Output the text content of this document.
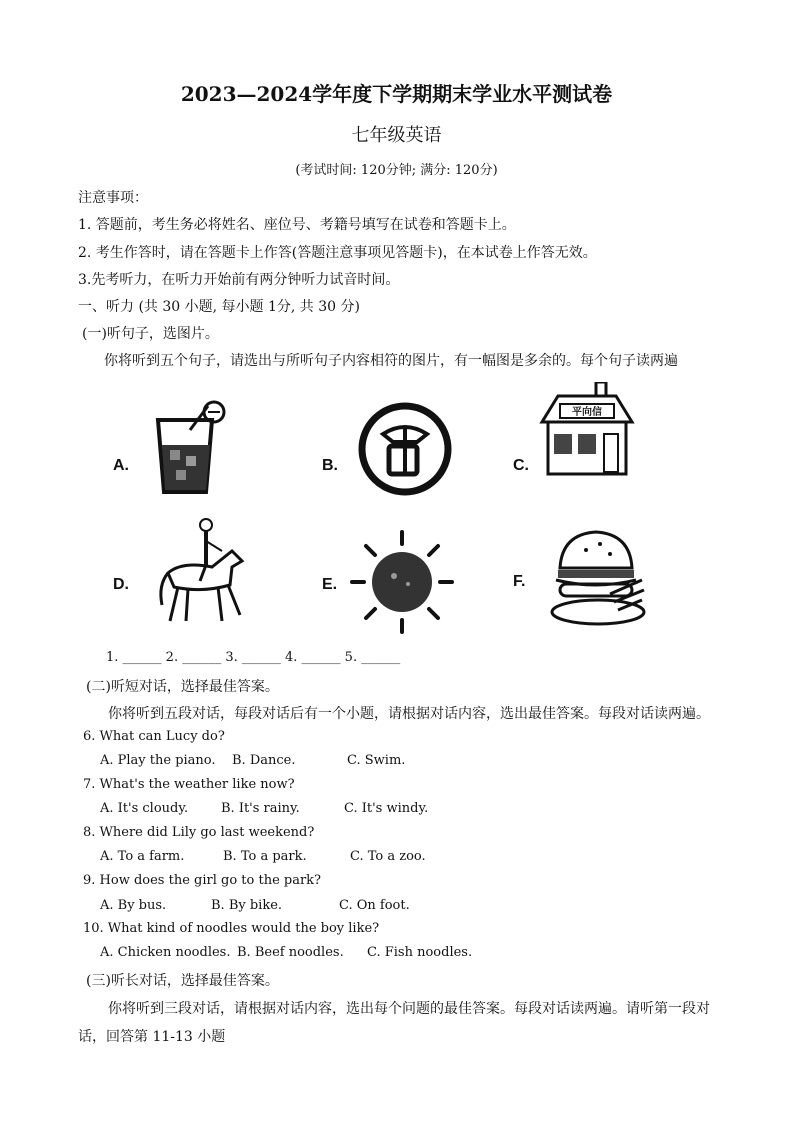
2023—2024学年度下学期期末学业水平测试卷
七年级英语
(考试时间: 120分钟; 满分: 120分)
注意事项：
1. 答题前，考生务必将姓名、座位号、考籍号填写在试卷和答题卡上。
2. 考生作答时，请在答题卡上作答(答题注意事项见答题卡)，在本试卷上作答无效。
3.先考听力，在听力开始前有两分钟听力试音时间。
一、听力 (共 30 小题, 每小题 1分, 共 30 分)
(一)听句子，选图片。
你将听到五个句子，请选出与所听句子内容相符的图片，有一幅图是多余的。每个句子读两遍
A.	B.	C.
平向信
D.	E.	F.
1. ______ 2. ______ 3. ______ 4. ______ 5. ______
(二)听短对话，选择最佳答案。
你将听到五段对话，每段对话后有一个小题，请根据对话内容，选出最佳答案。每段对话读两遍。
6. What can Lucy do?
A. Play the piano. B. Dance.	C. Swim.
7. What's the weather like now?
A. It's cloudy.	B. It's rainy.	C. It's windy.
8. Where did Lily go last weekend?
A. To a farm.	B. To a park.	C. To a zoo.
9. How does the girl go to the park?
A. By bus.	B. By bike.	C. On foot.
10. What kind of noodles would the boy like?
A. Chicken noodles. B. Beef noodles. C. Fish noodles.
(三)听长对话，选择最佳答案。
你将听到三段对话，请根据对话内容，选出每个问题的最佳答案。每段对话读两遍。请听第一段对
话，回答第 11-13 小题
